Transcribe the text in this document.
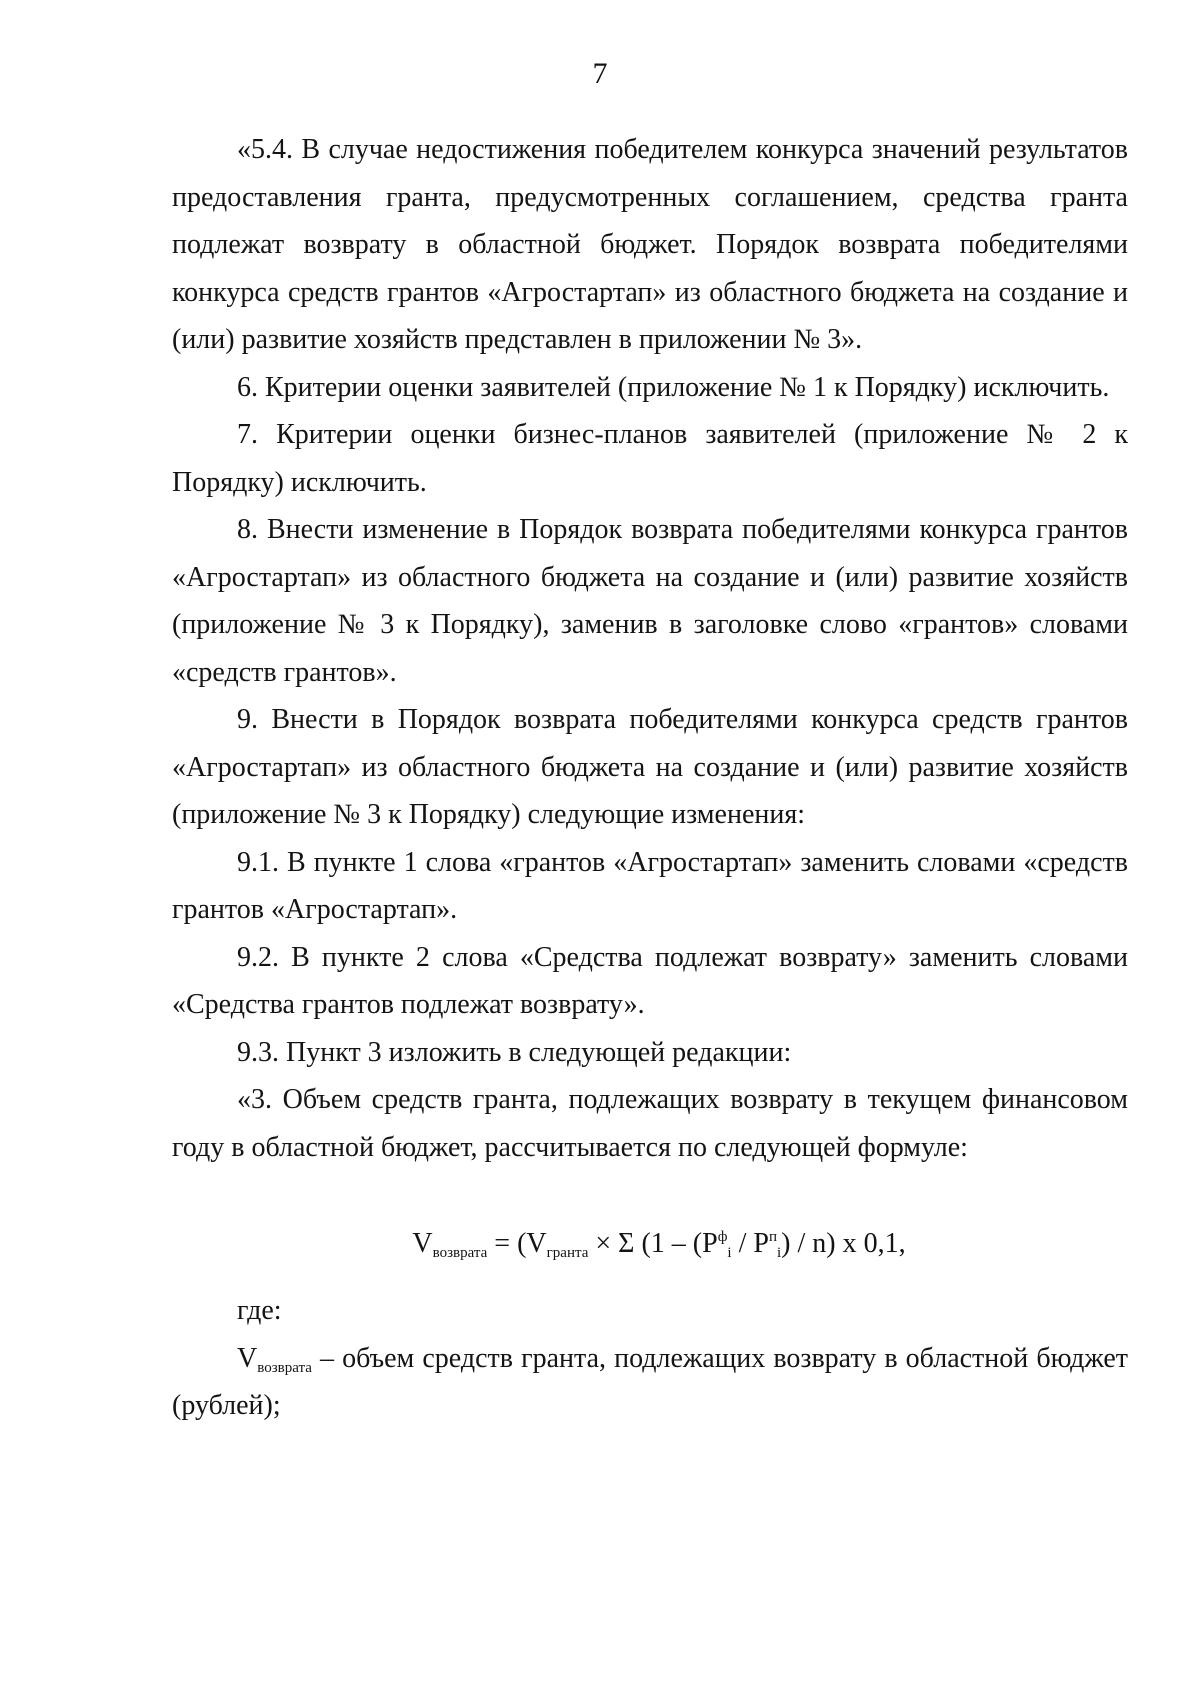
7

«5.4. В случае недостижения победителем конкурса значений результатов предоставления гранта, предусмотренных соглашением, средства гранта подлежат возврату в областной бюджет. Порядок возврата победителями конкурса средств грантов «Агростартап» из областного бюджета на создание и (или) развитие хозяйств представлен в приложении № 3».

6. Критерии оценки заявителей (приложение № 1 к Порядку) исключить.

7. Критерии оценки бизнес-планов заявителей (приложение № 2 к Порядку) исключить.

8. Внести изменение в Порядок возврата победителями конкурса грантов «Агростартап» из областного бюджета на создание и (или) развитие хозяйств (приложение № 3 к Порядку), заменив в заголовке слово «грантов» словами «средств грантов».

9. Внести в Порядок возврата победителями конкурса средств грантов «Агростартап» из областного бюджета на создание и (или) развитие хозяйств (приложение № 3 к Порядку) следующие изменения:

9.1. В пункте 1 слова «грантов «Агростартап» заменить словами «средств грантов «Агростартап».

9.2. В пункте 2 слова «Средства подлежат возврату» заменить словами «Средства грантов подлежат возврату».

9.3. Пункт 3 изложить в следующей редакции:

«3. Объем средств гранта, подлежащих возврату в текущем финансовом году в областной бюджет, рассчитывается по следующей формуле:

$V_{возврата} = (V_{гранта} \times \Sigma$ $(1 - (P^фi / P^пi) / n)$ x 0,1,

где:

$V_{возврата}$ – объем средств гранта, подлежащих возврату в областной бюджет (рублей);
